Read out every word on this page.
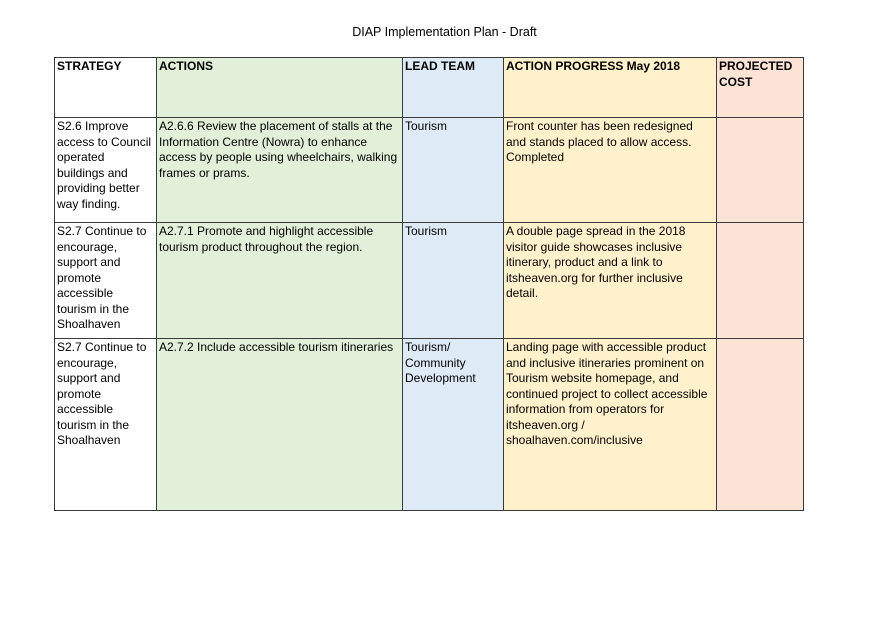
DIAP Implementation Plan - Draft
STRATEGY	ACTIONS	LEAD TEAM	ACTION PROGRESS May 2018	PROJECTED COST
S2.6 Improve access to Council operated buildings and providing better way finding.	A2.6.6 Review the placement of stalls at the Information Centre (Nowra) to enhance access by people using wheelchairs, walking frames or prams.	Tourism	Front counter has been redesigned and stands placed to allow access. Completed	
S2.7 Continue to encourage, support and promote accessible tourism in the Shoalhaven	A2.7.1 Promote and highlight accessible tourism product throughout the region.	Tourism	A double page spread in the 2018 visitor guide showcases inclusive itinerary, product and a link to itsheaven.org for further inclusive detail.	
S2.7 Continue to encourage, support and promote accessible tourism in the Shoalhaven	A2.7.2 Include accessible tourism itineraries	Tourism/ Community Development	Landing page with accessible product and inclusive itineraries prominent on Tourism website homepage, and continued project to collect accessible information from operators for itsheaven.org / shoalhaven.com/inclusive	
